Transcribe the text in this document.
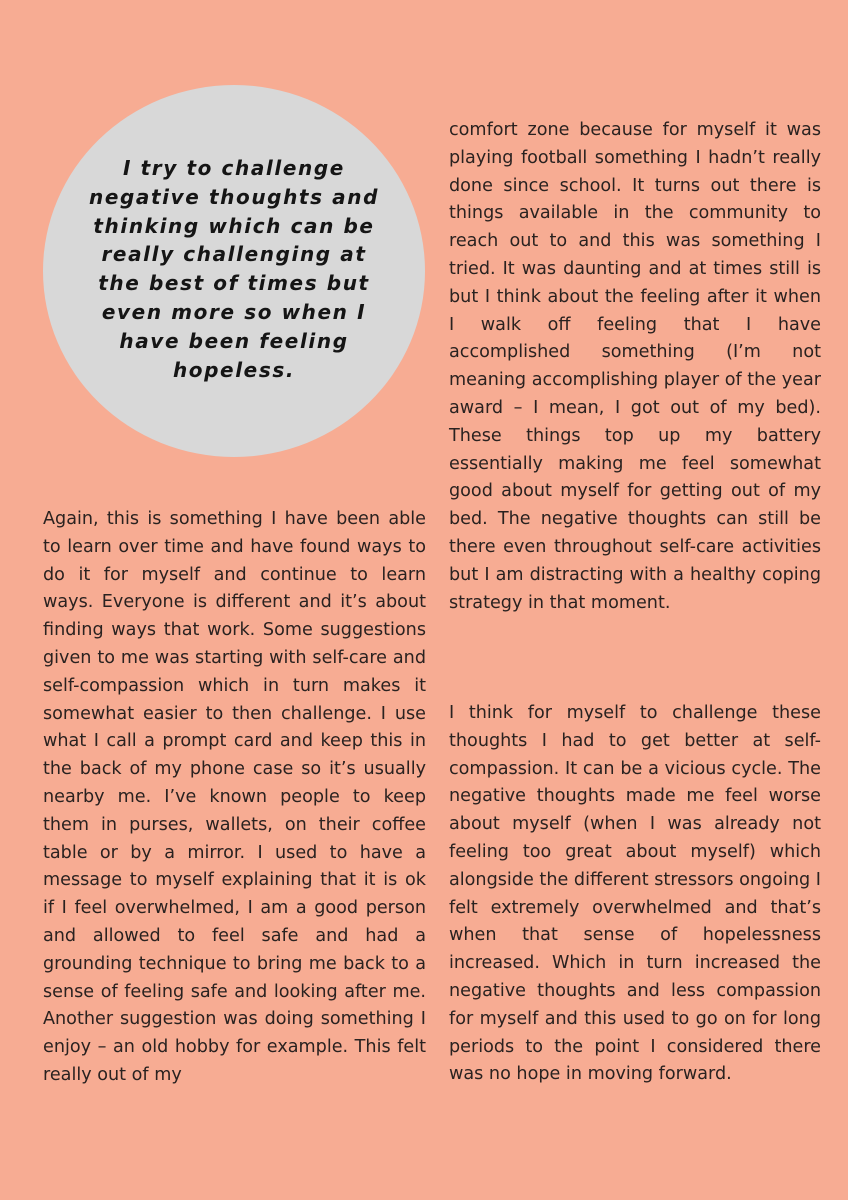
I try to challenge negative thoughts and thinking which can be really challenging at the best of times but even more so when I have been feeling hopeless.

Again, this is something I have been able to learn over time and have found ways to do it for myself and continue to learn ways. Everyone is different and it’s about finding ways that work. Some suggestions given to me was starting with self-care and self-compassion which in turn makes it somewhat easier to then challenge. I use what I call a prompt card and keep this in the back of my phone case so it’s usually nearby me. I’ve known people to keep them in purses, wallets, on their coffee table or by a mirror. I used to have a message to myself explaining that it is ok if I feel overwhelmed, I am a good person and allowed to feel safe and had a grounding technique to bring me back to a sense of feeling safe and looking after me. Another suggestion was doing something I enjoy – an old hobby for example. This felt really out of my

comfort zone because for myself it was playing football something I hadn’t really done since school. It turns out there is things available in the community to reach out to and this was something I tried. It was daunting and at times still is but I think about the feeling after it when I walk off feeling that I have accomplished something (I’m not meaning accomplishing player of the year award – I mean, I got out of my bed). These things top up my battery essentially making me feel somewhat good about myself for getting out of my bed. The negative thoughts can still be there even throughout self-care activities but I am distracting with a healthy coping strategy in that moment.

I think for myself to challenge these thoughts I had to get better at self-compassion. It can be a vicious cycle. The negative thoughts made me feel worse about myself (when I was already not feeling too great about myself) which alongside the different stressors ongoing I felt extremely overwhelmed and that’s when that sense of hopelessness increased. Which in turn increased the negative thoughts and less compassion for myself and this used to go on for long periods to the point I considered there was no hope in moving forward.
